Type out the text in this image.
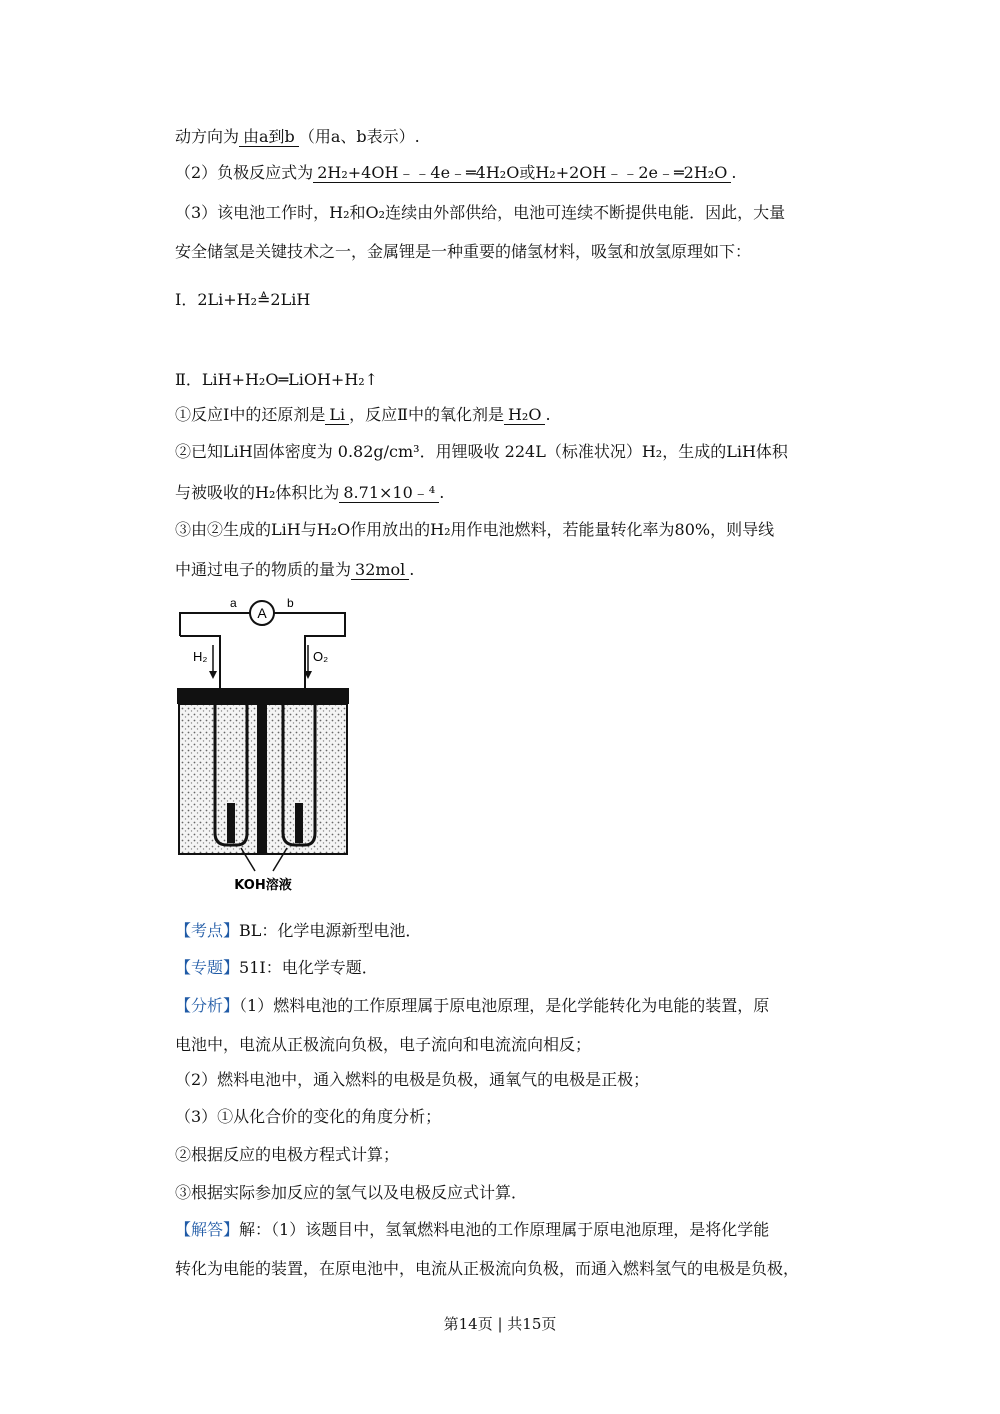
动方向为 由a到b （用a、b表示）.
（2）负极反应式为 2H₂+4OH﹣﹣4e﹣═4H₂O或H₂+2OH﹣﹣2e﹣═2H₂O .
（3）该电池工作时，H₂和O₂连续由外部供给，电池可连续不断提供电能．因此，大量
安全储氢是关键技术之一，金属锂是一种重要的储氢材料，吸氢和放氢原理如下：
Ⅰ．2Li+H₂≜2LiH
Ⅱ．LiH+H₂O═LiOH+H₂↑
①反应Ⅰ中的还原剂是 Li ，反应Ⅱ中的氧化剂是 H₂O .
②已知LiH固体密度为 0.82g/cm³．用锂吸收 224L（标准状况）H₂，生成的LiH体积
与被吸收的H₂体积比为 8.71×10﹣⁴ .
③由②生成的LiH与H₂O作用放出的H₂用作电池燃料，若能量转化率为80%，则导线
中通过电子的物质的量为 32mol .
A
a	b
H₂	O₂
KOH溶液
【考点】BL：化学电源新型电池．
【专题】51I：电化学专题．
【分析】（1）燃料电池的工作原理属于原电池原理，是化学能转化为电能的装置，原
电池中，电流从正极流向负极，电子流向和电流流向相反；
（2）燃料电池中，通入燃料的电极是负极，通氧气的电极是正极；
（3）①从化合价的变化的角度分析；
②根据反应的电极方程式计算；
③根据实际参加反应的氢气以及电极反应式计算．
【解答】解：（1）该题目中，氢氧燃料电池的工作原理属于原电池原理，是将化学能
转化为电能的装置，在原电池中，电流从正极流向负极，而通入燃料氢气的电极是负极，
第14页 | 共15页
